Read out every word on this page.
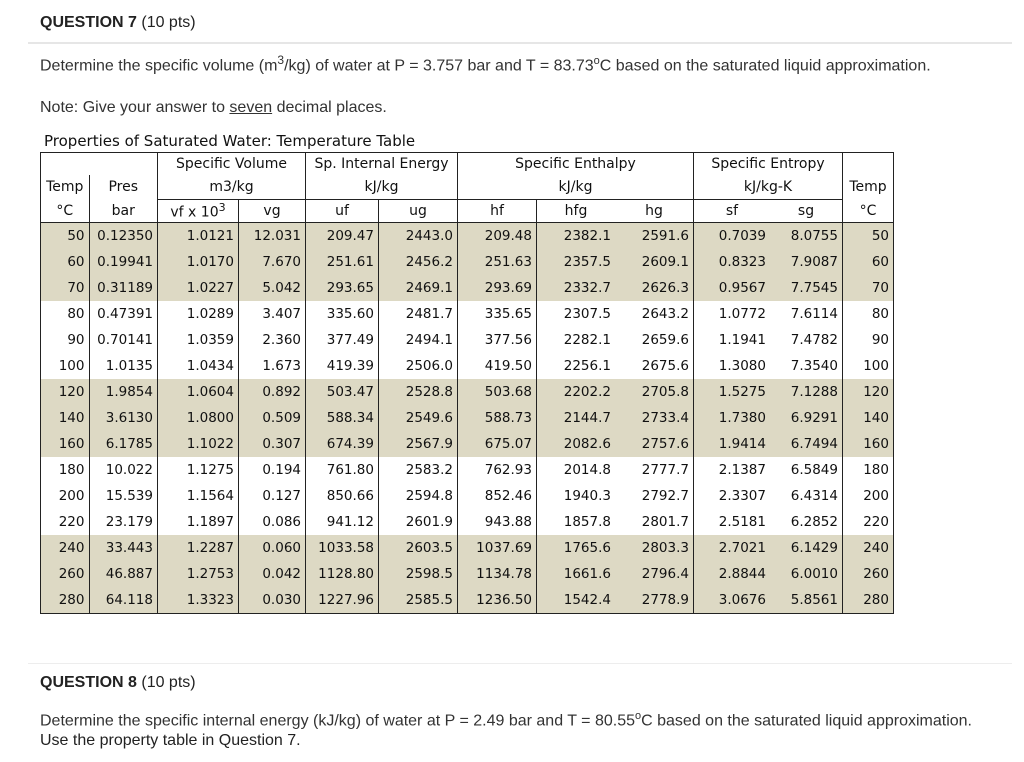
QUESTION 7 (10 pts)
Determine the specific volume $(m^3/kg)$ of water at P = 3.757 bar and $T = 83.73^oC$ based on the saturated liquid approximation.
Note: Give your answer to seven decimal places.
Properties of Saturated Water: Temperature Table
		Specific Volume		Sp. Internal Energy		Specific Enthalpy			Specific Entropy		
Temp	Pres	m3/kg		kJ/kg		kJ/kg			kJ/kg-K		Temp
°C	bar	vf x $10^3$	vg	uf	ug	hf	hfg	hg	sf	sg	°C
50	0.12350	1.0121	12.031	209.47	2443.0	209.48	2382.1	2591.6	0.7039	8.0755	50
60	0.19941	1.0170	7.670	251.61	2456.2	251.63	2357.5	2609.1	0.8323	7.9087	60
70	0.31189	1.0227	5.042	293.65	2469.1	293.69	2332.7	2626.3	0.9567	7.7545	70
80	0.47391	1.0289	3.407	335.60	2481.7	335.65	2307.5	2643.2	1.0772	7.6114	80
90	0.70141	1.0359	2.360	377.49	2494.1	377.56	2282.1	2659.6	1.1941	7.4782	90
100	1.0135	1.0434	1.673	419.39	2506.0	419.50	2256.1	2675.6	1.3080	7.3540	100
120	1.9854	1.0604	0.892	503.47	2528.8	503.68	2202.2	2705.8	1.5275	7.1288	120
140	3.6130	1.0800	0.509	588.34	2549.6	588.73	2144.7	2733.4	1.7380	6.9291	140
160	6.1785	1.1022	0.307	674.39	2567.9	675.07	2082.6	2757.6	1.9414	6.7494	160
180	10.022	1.1275	0.194	761.80	2583.2	762.93	2014.8	2777.7	2.1387	6.5849	180
200	15.539	1.1564	0.127	850.66	2594.8	852.46	1940.3	2792.7	2.3307	6.4314	200
220	23.179	1.1897	0.086	941.12	2601.9	943.88	1857.8	2801.7	2.5181	6.2852	220
240	33.443	1.2287	0.060	1033.58	2603.5	1037.69	1765.6	2803.3	2.7021	6.1429	240
260	46.887	1.2753	0.042	1128.80	2598.5	1134.78	1661.6	2796.4	2.8844	6.0010	260
280	64.118	1.3323	0.030	1227.96	2585.5	1236.50	1542.4	2778.9	3.0676	5.8561	280
QUESTION 8 (10 pts)
Determine the specific internal energy (kJ/kg) of water at P = 2.49 bar and $T = 80.55^oC$ based on the saturated liquid approximation. Use the property table in Question 7.
